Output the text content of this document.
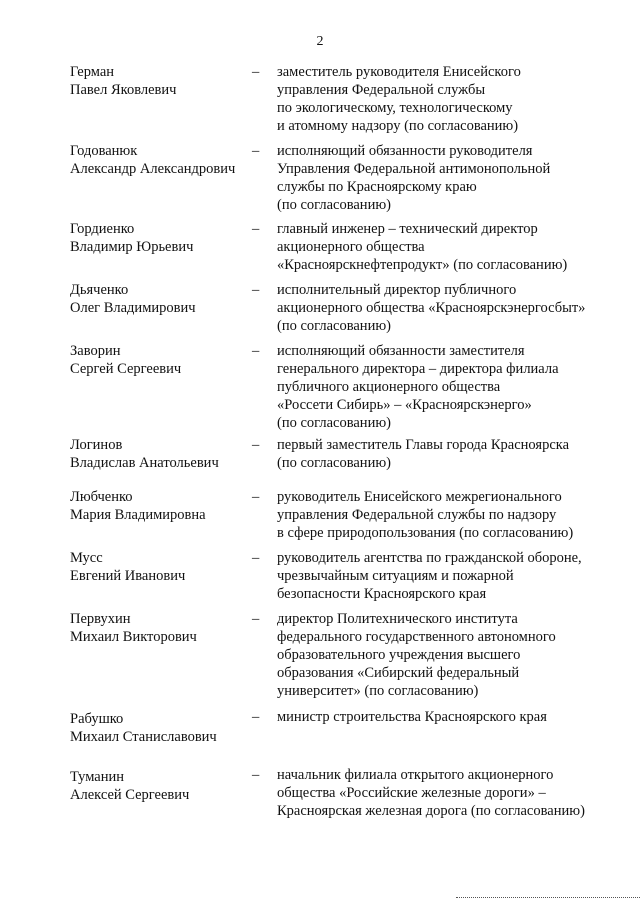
2
Герман
Павел Яковлевич
– заместитель руководителя Енисейского
управления Федеральной службы
по экологическому, технологическому
и атомному надзору (по согласованию)
Годованюк
Александр Александрович
– исполняющий обязанности руководителя
Управления Федеральной антимонопольной
службы по Красноярскому краю
(по согласованию)
Гордиенко
Владимир Юрьевич
– главный инженер – технический директор
акционерного общества
«Красноярскнефтепродукт» (по согласованию)
Дьяченко
Олег Владимирович
– исполнительный директор публичного
акционерного общества «Красноярскэнергосбыт»
(по согласованию)
Заворин
Сергей Сергеевич
– исполняющий обязанности заместителя
генерального директора – директора филиала
публичного акционерного общества
«Россети Сибирь» – «Красноярскэнерго»
(по согласованию)
Логинов
Владислав Анатольевич
– первый заместитель Главы города Красноярска
(по согласованию)
Любченко
Мария Владимировна
– руководитель Енисейского межрегионального
управления Федеральной службы по надзору
в сфере природопользования (по согласованию)
Мусс
Евгений Иванович
– руководитель агентства по гражданской обороне,
чрезвычайным ситуациям и пожарной
безопасности Красноярского края
Первухин
Михаил Викторович
– директор Политехнического института
федерального государственного автономного
образовательного учреждения высшего
образования «Сибирский федеральный
университет» (по согласованию)
Рабушко
Михаил Станиславович
– министр строительства Красноярского края
Туманин
Алексей Сергеевич
– начальник филиала открытого акционерного
общества «Российские железные дороги» –
Красноярская железная дорога (по согласованию)
